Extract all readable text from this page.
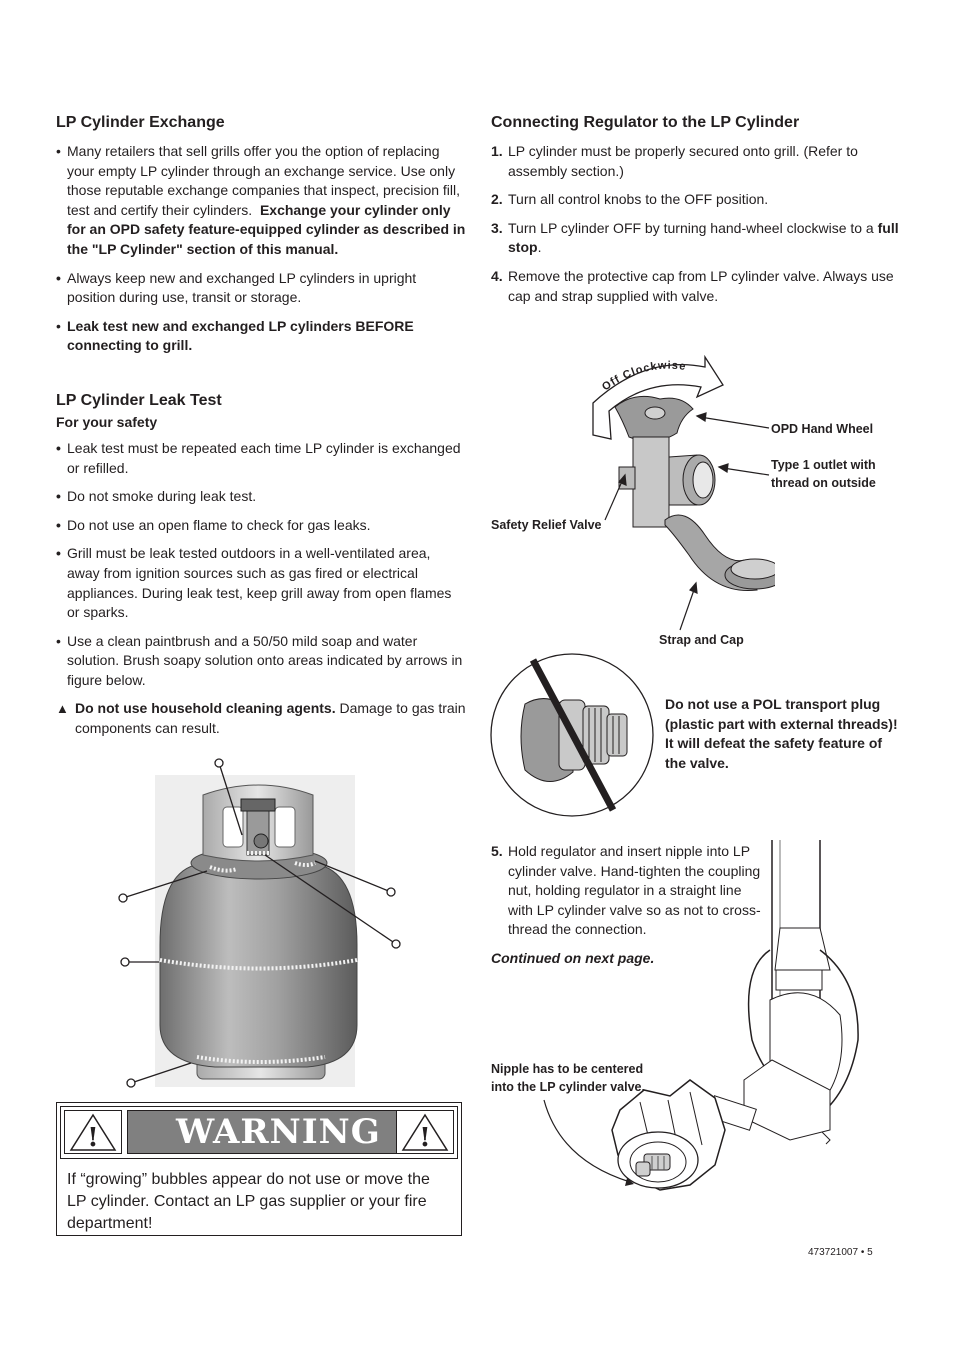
LP Cylinder Exchange
• Many retailers that sell grills offer you the option of replacing your empty LP cylinder through an exchange service. Use only those reputable exchange companies that inspect, precision fill, test and certify their cylinders. Exchange your cylinder only for an OPD safety feature-equipped cylinder as described in the "LP Cylinder" section of this manual.
• Always keep new and exchanged LP cylinders in upright position during use, transit or storage.
• Leak test new and exchanged LP cylinders BEFORE connecting to grill.
LP Cylinder Leak Test
For your safety
• Leak test must be repeated each time LP cylinder is exchanged or refilled.
• Do not smoke during leak test.
• Do not use an open flame to check for gas leaks.
• Grill must be leak tested outdoors in a well-ventilated area, away from ignition sources such as gas fired or electrical appliances. During leak test, keep grill away from open flames or sparks.
• Use a clean paintbrush and a 50/50 mild soap and water solution. Brush soapy solution onto areas indicated by arrows in figure below.
▲ Do not use household cleaning agents. Damage to gas train components can result.
!	WARNING	!
If “growing” bubbles appear do not use or move the LP cylinder. Contact an LP gas supplier or your fire department!
Connecting Regulator to the LP Cylinder
1. LP cylinder must be properly secured onto grill. (Refer to assembly section.)
2. Turn all control knobs to the OFF position.
3. Turn LP cylinder OFF by turning hand-wheel clockwise to a full stop.
4. Remove the protective cap from LP cylinder valve. Always use cap and strap supplied with valve.
Off Clockwise
OPD Hand Wheel
Type 1 outlet with
thread on outside
Safety Relief Valve
Strap and Cap
Do not use a POL transport plug (plastic part with external threads)! It will defeat the safety feature of the valve.
5. Hold regulator and insert nipple into LP cylinder valve. Hand-tighten the coupling nut, holding regulator in a straight line with LP cylinder valve so as not to cross-thread the connection.
Continued on next page.
Nipple has to be centered
into the LP cylinder valve.
473721007 • 5
